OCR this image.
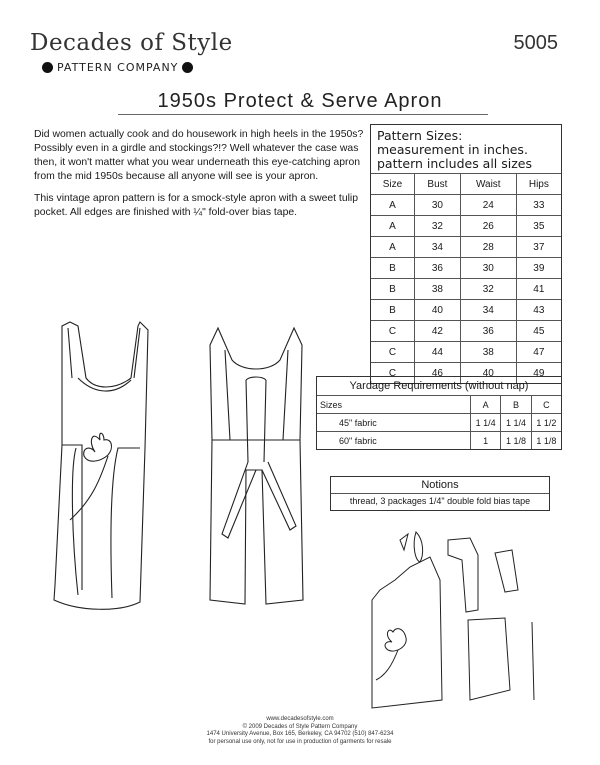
Decades of Style
PATTERN COMPANY
5005
1950s Protect & Serve Apron

Did women actually cook and do housework in high heels in the 1950s? Possibly even in a girdle and stockings?!? Well whatever the case was then, it won't matter what you wear underneath this eye-catching apron from the mid 1950s because all anyone will see is your apron.

This vintage apron pattern is for a smock-style apron with a sweet tulip pocket. All edges are finished with ¼" fold-over bias tape.

Pattern Sizes:
measurement in inches.
pattern includes all sizes
Size	Bust	Waist	Hips
A	30	24	33
A	32	26	35
A	34	28	37
B	36	30	39
B	38	32	41
B	40	34	43
C	42	36	45
C	44	38	47
C	46	40	49
Yardage Requirements (without nap)
Sizes	A	B	C
45" fabric	1 1/4	1 1/4	1 1/2
60" fabric	1	1 1/8	1 1/8
Notions
thread, 3 packages 1/4" double fold bias tape
www.decadesofstyle.com
© 2009 Decades of Style Pattern Company
1474 University Avenue, Box 165, Berkeley, CA 94702 (510) 847-6234
for personal use only, not for use in production of garments for resale
